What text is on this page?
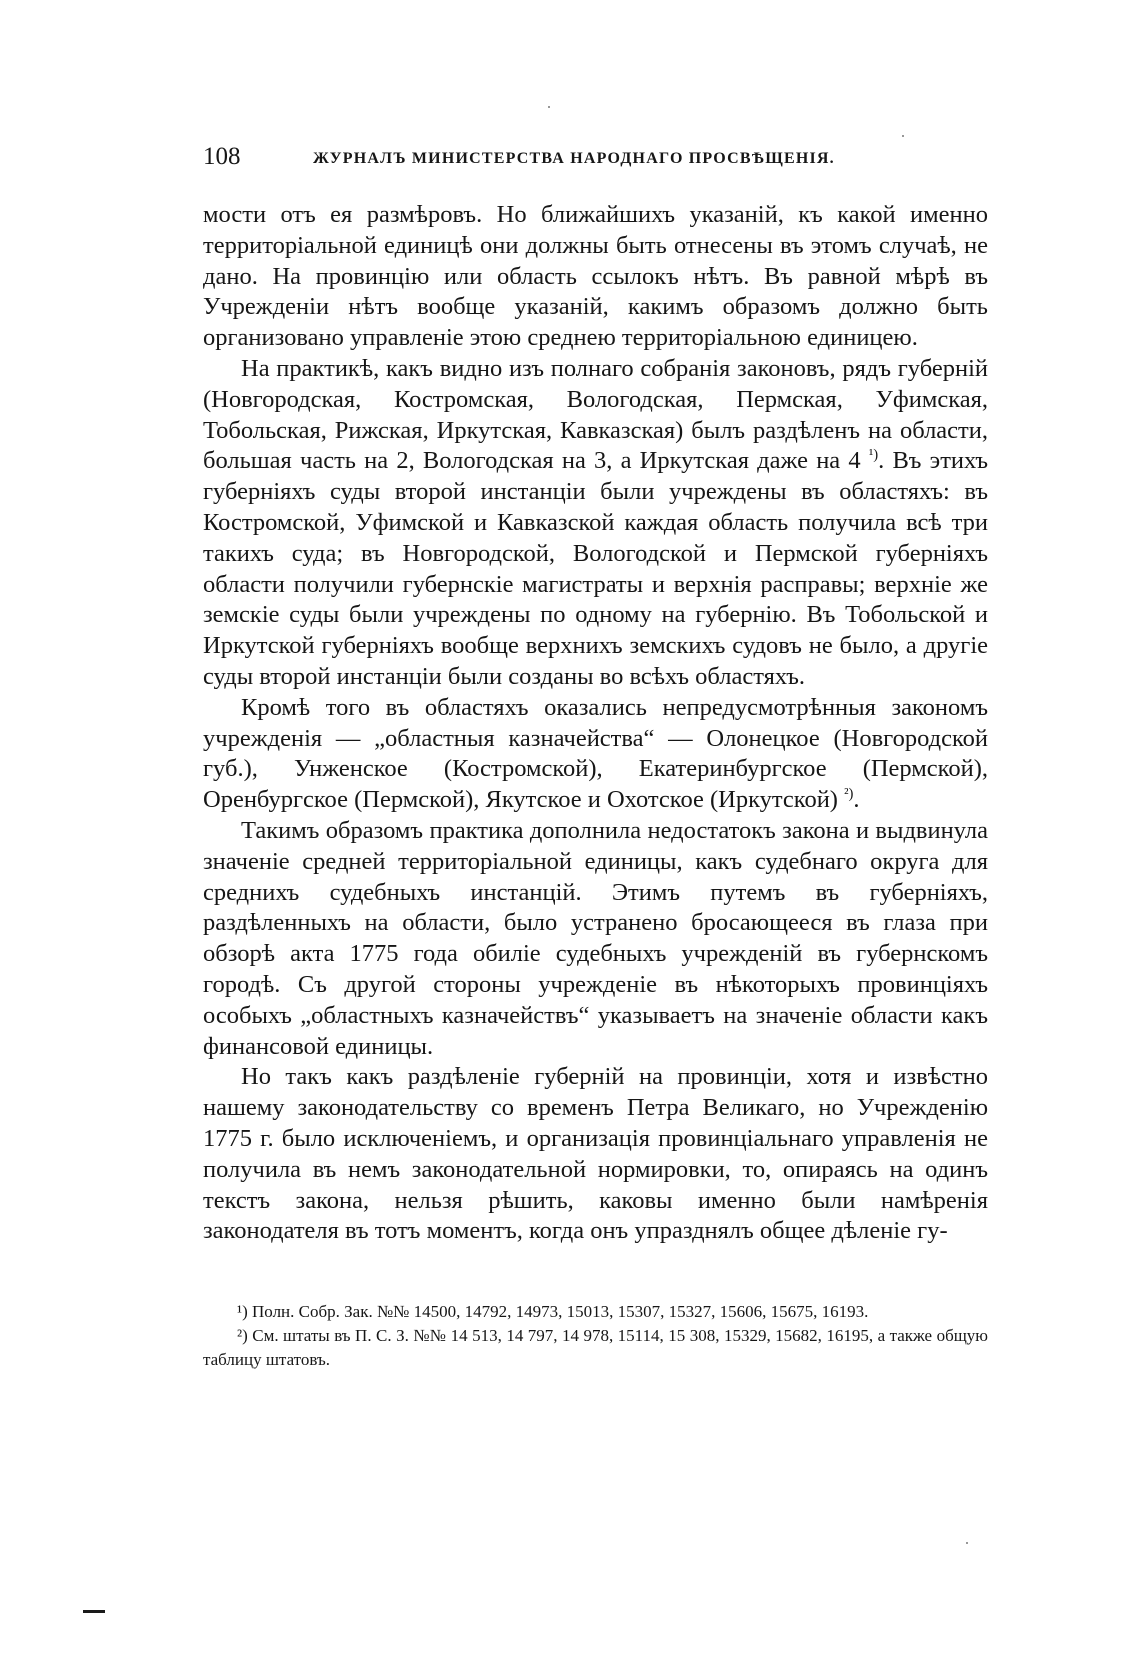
108	ЖУРНАЛЪ МИНИСТЕРСТВА НАРОДНАГО ПРОСВѢЩЕНІЯ.

мости отъ ея размѣровъ. Но ближайшихъ указаній, къ какой именно территоріальной единицѣ они должны быть отнесены въ этомъ случаѣ, не дано. На провинцію или область ссылокъ нѣтъ. Въ равной мѣрѣ въ Учрежденіи нѣтъ вообще указаній, какимъ образомъ должно быть организовано управленіе этою среднею территоріальною единицею.

На практикѣ, какъ видно изъ полнаго собранія законовъ, рядъ губерній (Новгородская, Костромская, Вологодская, Пермская, Уфимская, Тобольская, Рижская, Иркутская, Кавказская) былъ раздѣленъ на области, большая часть на 2, Вологодская на 3, а Иркутская даже на 4 $^{^1)}$. Въ этихъ губерніяхъ суды второй инстанціи были учреждены въ областяхъ: въ Костромской, Уфимской и Кавказской каждая область получила всѣ три такихъ суда; въ Новгородской, Вологодской и Пермской губерніяхъ области получили губернскіе магистраты и верхнія расправы; верхніе же земскіе суды были учреждены по одному на губернію. Въ Тобольской и Иркутской губерніяхъ вообще верхнихъ земскихъ судовъ не было, а другіе суды второй инстанціи были созданы во всѣхъ областяхъ.

Кромѣ того въ областяхъ оказались непредусмотрѣнныя закономъ учрежденія — „областныя казначейства“ — Олонецкое (Новгородской губ.), Унженское (Костромской), Екатеринбургское (Пермской), Оренбургское (Пермской), Якутское и Охотское (Иркутской) $^{^2)}$.

Такимъ образомъ практика дополнила недостатокъ закона и выдвинула значеніе средней территоріальной единицы, какъ судебнаго округа для среднихъ судебныхъ инстанцій. Этимъ путемъ въ губерніяхъ, раздѣленныхъ на области, было устранено бросающееся въ глаза при обзорѣ акта 1775 года обиліе судебныхъ учрежденій въ губернскомъ городѣ. Съ другой стороны учрежденіе въ нѣкоторыхъ провинціяхъ особыхъ „областныхъ казначействъ“ указываетъ на значеніе области какъ финансовой единицы.

Но такъ какъ раздѣленіе губерній на провинціи, хотя и извѣстно нашему законодательству со временъ Петра Великаго, но Учрежденію 1775 г. было исключеніемъ, и организація провинціальнаго управленія не получила въ немъ законодательной нормировки, то, опираясь на одинъ текстъ закона, нельзя рѣшить, каковы именно были намѣренія законодателя въ тотъ моментъ, когда онъ упразднялъ общее дѣленіе гу-

¹) Полн. Собр. Зак. №№ 14500, 14792, 14973, 15013, 15307, 15327, 15606, 15675, 16193.

²) См. штаты въ П. С. З. №№ 14 513, 14 797, 14 978, 15114, 15 308, 15329, 15682, 16195, а также общую таблицу штатовъ.
